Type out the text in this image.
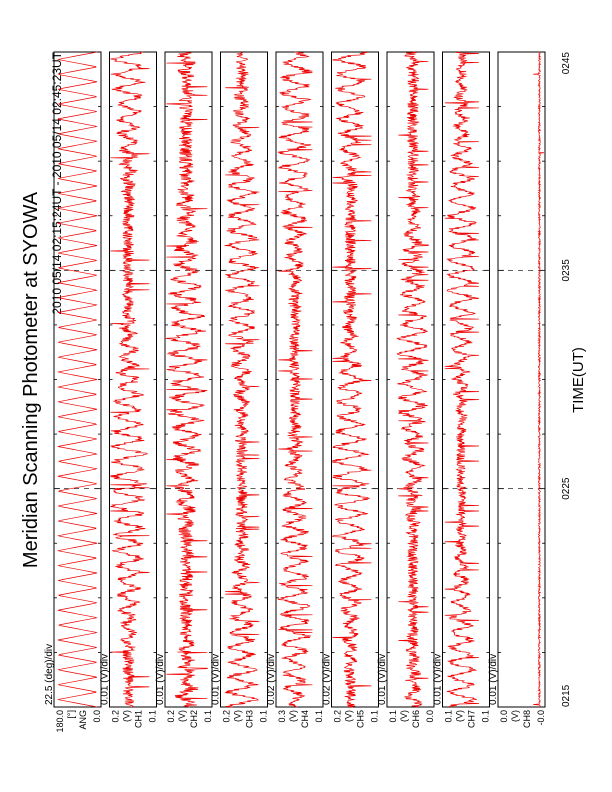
Meridian Scanning Photometer at SYOWA
2010 05/14 02:15:24UT - 2010 05/14 02:45:23UT
22.5 (deg)/div
180.0	0.0
[°] ANG
0.01 (V)/div
0.2	0.1
(V) CH1
0.01 (V)/div
0.2	0.1
(V) CH2
0.01 (V)/div
0.2	0.1
(V) CH3
0.02 (V)/div
0.3	0.1
(V) CH4
0.02 (V)/div
0.2	0.1
(V) CH5
0.01 (V)/div
0.1	0.0
(V) CH6
0.01 (V)/div
0.1	0.1
(V) CH7
0.01 (V)/div
0.0	-0.0
(V) CH8
0215
0225
0235
0245
TIME(UT)
